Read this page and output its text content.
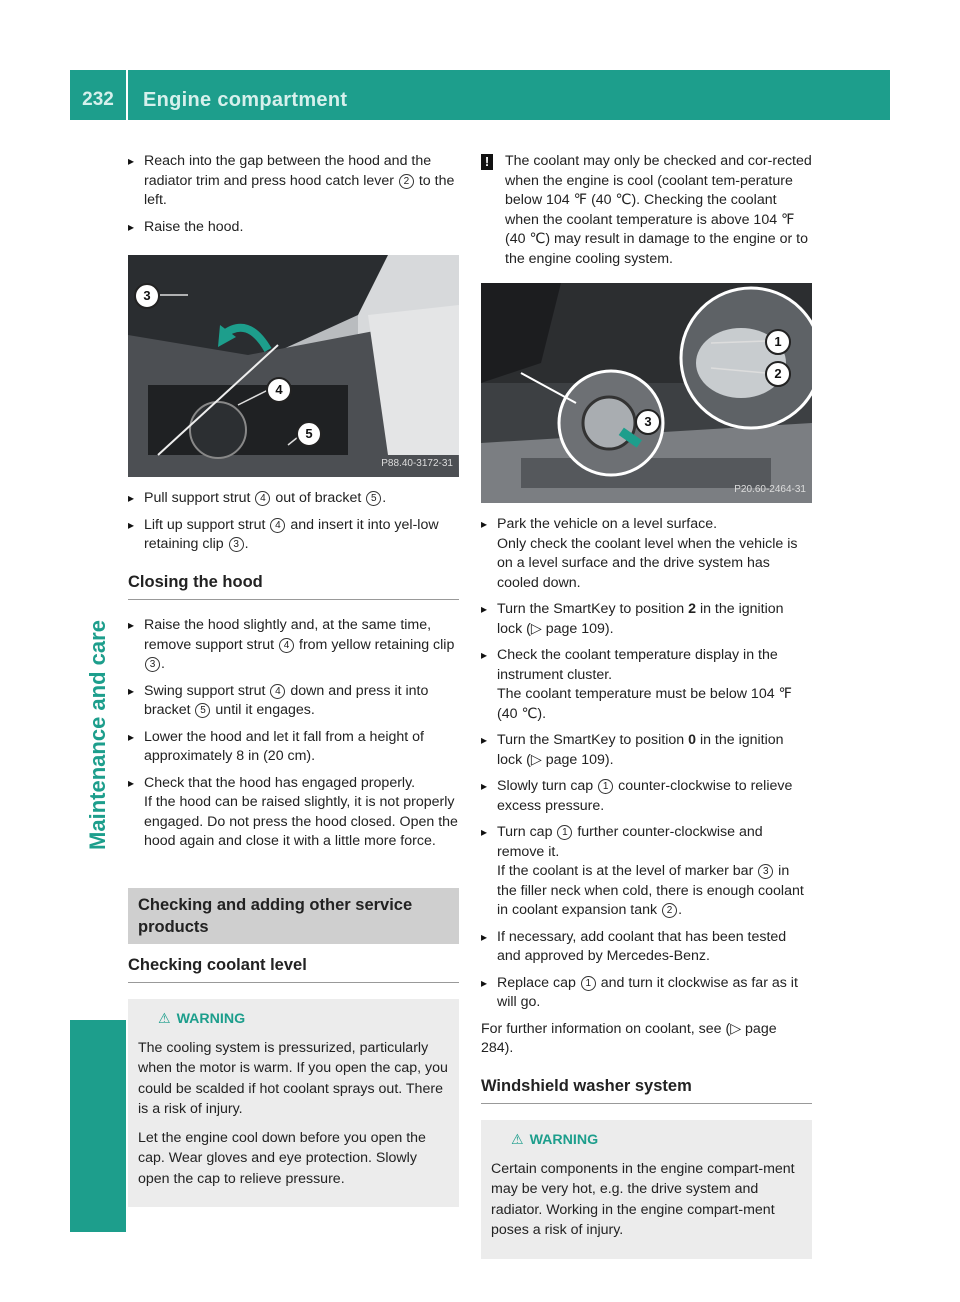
232	Engine compartment
Maintenance and care
▸ Reach into the gap between the hood and the radiator trim and press hood catch lever 2 to the left.

▸ Raise the hood.

3
4
5
P88.40-3172-31
▸ Pull support strut 4 out of bracket 5 .

▸ Lift up support strut 4 and insert it into yel-low retaining clip 3 .

Closing the hood
▸ Raise the hood slightly and, at the same time, remove support strut 4 from yellow retaining clip 3 .

▸ Swing support strut 4 down and press it into bracket 5 until it engages.

▸ Lower the hood and let it fall from a height of approximately 8 in (20 cm).

▸ Check that the hood has engaged properly.

If the hood can be raised slightly, it is not properly engaged. Do not press the hood closed. Open the hood again and close it with a little more force.

Checking and adding other service products
Checking coolant level
⚠ WARNING

The cooling system is pressurized, particularly when the motor is warm. If you open the cap, you could be scalded if hot coolant sprays out. There is a risk of injury.

Let the engine cool down before you open the cap. Wear gloves and eye protection. Slowly open the cap to relieve pressure.

! The coolant may only be checked and cor-rected when the engine is cool (coolant tem-perature below 104 ℉ (40 ℃). Checking the coolant when the coolant temperature is above 104 ℉ (40 ℃) may result in damage to the engine or to the engine cooling system.

1
2
3
P20.60-2464-31
▸ Park the vehicle on a level surface.

Only check the coolant level when the vehicle is on a level surface and the drive system has cooled down.

▸ Turn the SmartKey to position 2 in the ignition lock (▷ page 109).

▸ Check the coolant temperature display in the instrument cluster.

The coolant temperature must be below 104 ℉ (40 ℃).

▸ Turn the SmartKey to position 0 in the ignition lock (▷ page 109).

▸ Slowly turn cap 1 counter-clockwise to relieve excess pressure.

▸ Turn cap 1 further counter-clockwise and remove it.

If the coolant is at the level of marker bar 3 in the filler neck when cold, there is enough coolant in coolant expansion tank 2 .

▸ If necessary, add coolant that has been tested and approved by Mercedes-Benz.

▸ Replace cap 1 and turn it clockwise as far as it will go.

For further information on coolant, see (▷ page 284).

Windshield washer system
⚠ WARNING

Certain components in the engine compart-ment may be very hot, e.g. the drive system and radiator. Working in the engine compart-ment poses a risk of injury.
